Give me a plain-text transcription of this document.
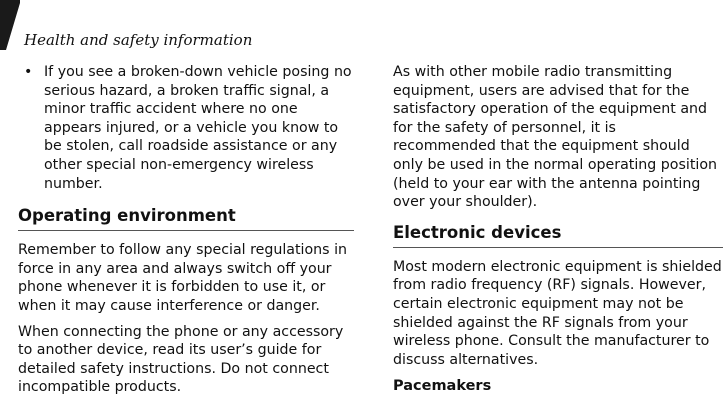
Health and safety information
• If you see a broken-down vehicle posing no serious hazard, a broken traffic signal, a minor traffic accident where no one appears injured, or a vehicle you know to be stolen, call roadside assistance or any other special non-emergency wireless number.
Operating environment

Remember to follow any special regulations in force in any area and always switch off your phone whenever it is forbidden to use it, or when it may cause interference or danger.

When connecting the phone or any accessory to another device, read its user’s guide for detailed safety instructions. Do not connect incompatible products.

As with other mobile radio transmitting equipment, users are advised that for the satisfactory operation of the equipment and for the safety of personnel, it is recommended that the equipment should only be used in the normal operating position (held to your ear with the antenna pointing over your shoulder).

Electronic devices

Most modern electronic equipment is shielded from radio frequency (RF) signals. However, certain electronic equipment may not be shielded against the RF signals from your wireless phone. Consult the manufacturer to discuss alternatives.

Pacemakers
